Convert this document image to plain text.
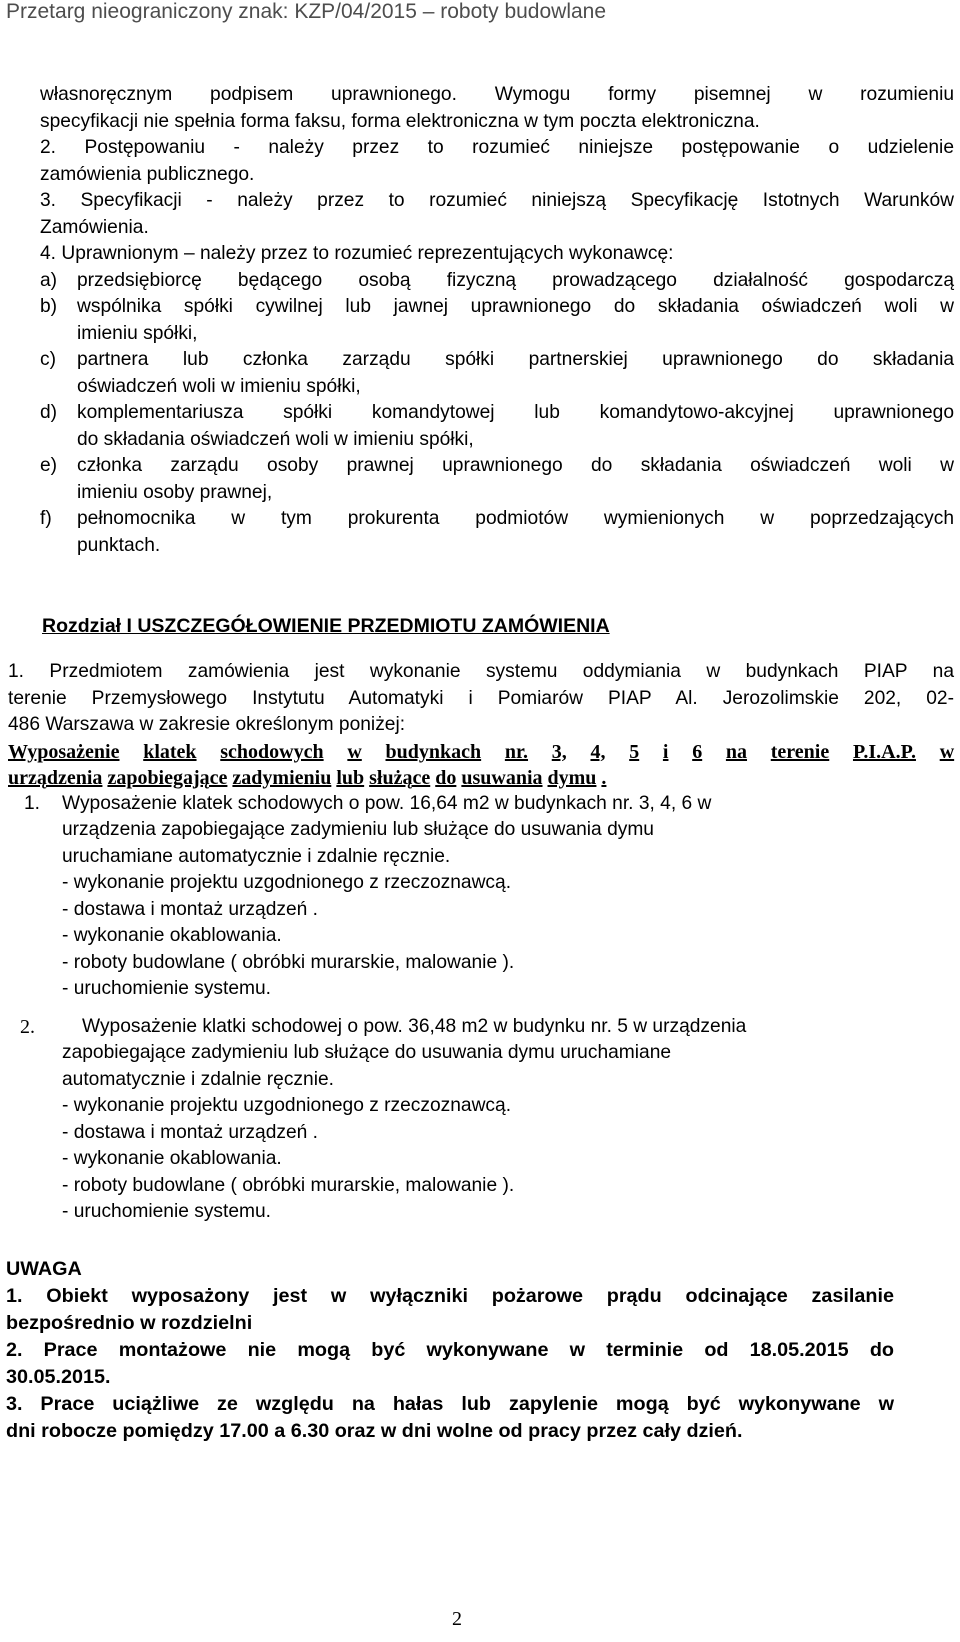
Przetarg nieograniczony znak: KZP/04/2015 – roboty budowlane

własnoręcznym podpisem uprawnionego. Wymogu formy pisemnej w rozumieniu

specyfikacji nie spełnia forma faksu, forma elektroniczna w tym poczta elektroniczna.

2. Postępowaniu - należy przez to rozumieć niniejsze postępowanie o udzielenie

zamówienia publicznego.

3. Specyfikacji - należy przez to rozumieć niniejszą Specyfikację Istotnych Warunków

Zamówienia.

4. Uprawnionym – należy przez to rozumieć reprezentujących wykonawcę:

a) przedsiębiorcę będącego osobą fizyczną prowadzącego działalność gospodarczą

b) wspólnika spółki cywilnej lub jawnej uprawnionego do składania oświadczeń woli w

imieniu spółki,

c) partnera lub członka zarządu spółki partnerskiej uprawnionego do składania

oświadczeń woli w imieniu spółki,

d) komplementariusza spółki komandytowej lub komandytowo-akcyjnej uprawnionego

do składania oświadczeń woli w imieniu spółki,

e) członka zarządu osoby prawnej uprawnionego do składania oświadczeń woli w

imieniu osoby prawnej,

f) pełnomocnika w tym prokurenta podmiotów wymienionych w poprzedzających

punktach.

Rozdział I USZCZEGÓŁOWIENIE PRZEDMIOTU ZAMÓWIENIA

1. Przedmiotem zamówienia jest wykonanie systemu oddymiania w budynkach PIAP na

terenie Przemysłowego Instytutu Automatyki i Pomiarów PIAP Al. Jerozolimskie 202, 02-

486 Warszawa w zakresie określonym poniżej:

Wyposażenie klatek schodowych w budynkach nr. 3, 4, 5 i 6 na terenie P.I.A.P. w

urządzenia zapobiegające zadymieniu lub służące do usuwania dymu .

1. Wyposażenie klatek schodowych o pow. 16,64 m2 w budynkach nr. 3, 4, 6 w

urządzenia zapobiegające zadymieniu lub służące do usuwania dymu

uruchamiane automatycznie i zdalnie ręcznie.

- wykonanie projektu uzgodnionego z rzeczoznawcą.

- dostawa i montaż urządzeń .

- wykonanie okablowania.

- roboty budowlane ( obróbki murarskie, malowanie ).

- uruchomienie systemu.

2.	Wyposażenie klatki schodowej o pow. 36,48 m2 w budynku nr. 5 w urządzenia

zapobiegające zadymieniu lub służące do usuwania dymu uruchamiane

automatycznie i zdalnie ręcznie.

- wykonanie projektu uzgodnionego z rzeczoznawcą.

- dostawa i montaż urządzeń .

- wykonanie okablowania.

- roboty budowlane ( obróbki murarskie, malowanie ).

- uruchomienie systemu.

UWAGA

1. Obiekt wyposażony jest w wyłączniki pożarowe prądu odcinające zasilanie

bezpośrednio w rozdzielni

2. Prace montażowe nie mogą być wykonywane w terminie od 18.05.2015 do

30.05.2015.

3. Prace uciążliwe ze względu na hałas lub zapylenie mogą być wykonywane w

dni robocze pomiędzy 17.00 a 6.30 oraz w dni wolne od pracy przez cały dzień.

2
